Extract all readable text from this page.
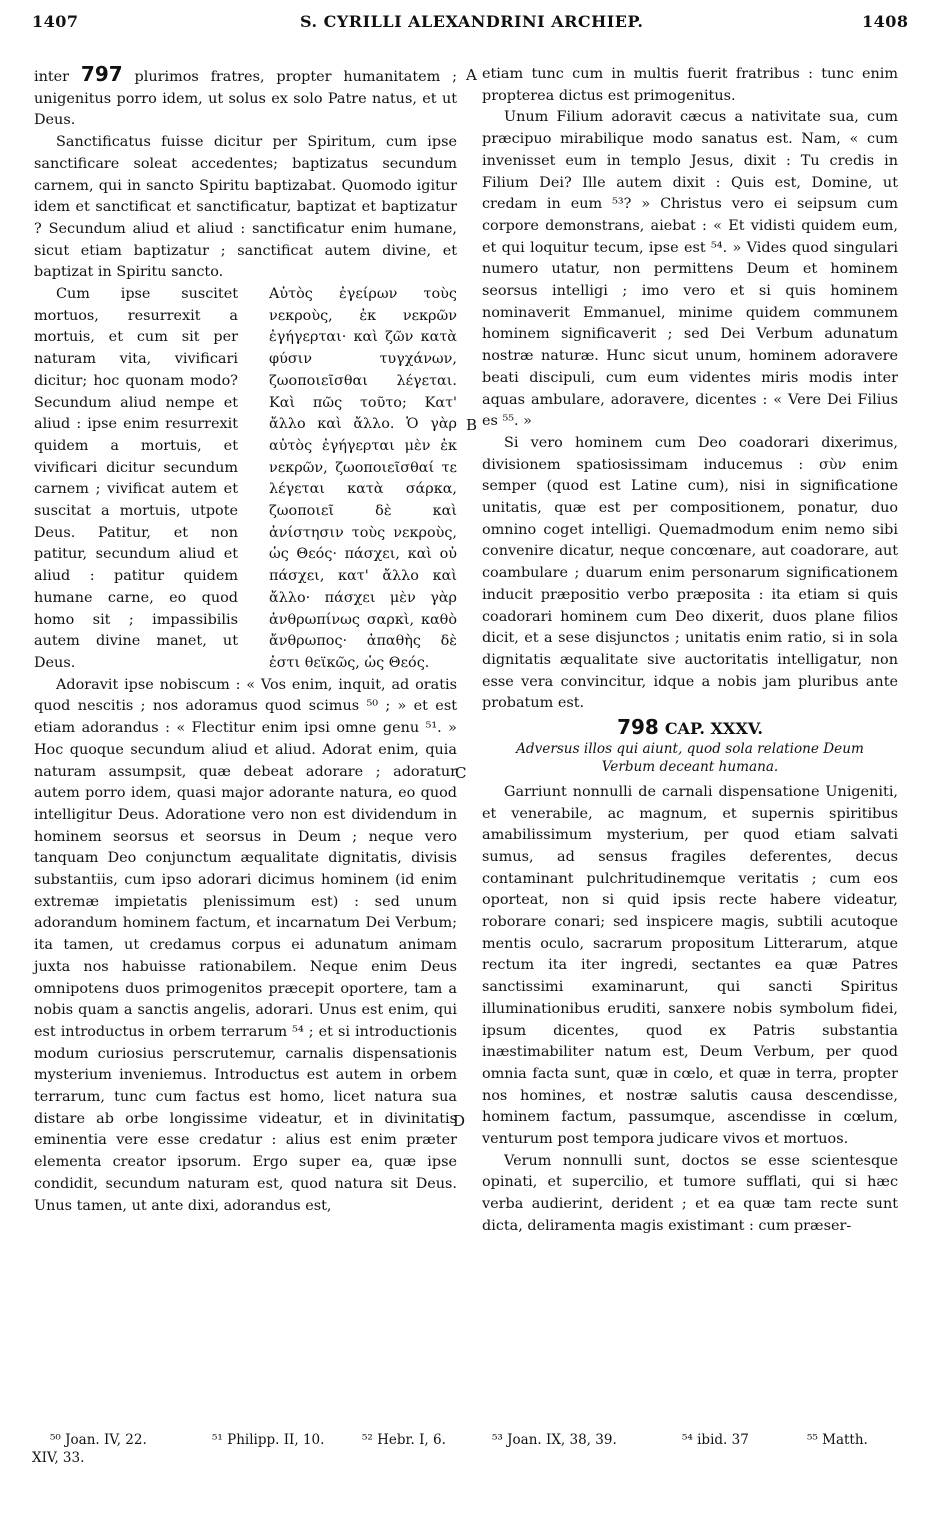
1407	S. CYRILLI ALEXANDRINI ARCHIEP.	1408

inter 797 plurimos fratres, propter humanitatem ; unigenitus porro idem, ut solus ex solo Patre natus, et ut Deus.

Sanctificatus fuisse dicitur per Spiritum, cum ipse sanctificare soleat accedentes; baptizatus secundum carnem, qui in sancto Spiritu baptizabat. Quomodo igitur idem et sanctificat et sanctificatur, baptizat et baptizatur ? Secundum aliud et aliud : sanctificatur enim humane, sicut etiam baptizatur ; sanctificat autem divine, et baptizat in Spiritu sancto.

Cum ipse suscitet mortuos, resurrexit a mortuis, et cum sit per naturam vita, vivificari dicitur; hoc quonam modo? Secundum aliud nempe et aliud : ipse enim resurrexit quidem a mortuis, et vivificari dicitur secundum carnem ; vivificat autem et suscitat a mortuis, utpote Deus. Patitur, et non patitur, secundum aliud et aliud : patitur quidem humane carne, eo quod homo sit ; impassibilis autem divine manet, ut Deus.

Αὐτὸς ἐγείρων τοὺς νεκροὺς, ἐκ νεκρῶν ἐγήγερται· καὶ ζῶν κατὰ φύσιν τυγχάνων, ζωοποιεῖσθαι λέγεται. Καὶ πῶς τοῦτο; Κατ' ἄλλο καὶ ἄλλο. Ὁ γὰρ αὐτὸς ἐγήγερται μὲν ἐκ νεκρῶν, ζωοποιεῖσθαί τε λέγεται κατὰ σάρκα, ζωοποιεῖ δὲ καὶ ἀνίστησιν τοὺς νεκροὺς, ὡς Θεός· πάσχει, καὶ οὐ πάσχει, κατ' ἄλλο καὶ ἄλλο· πάσχει μὲν γὰρ ἀνθρωπίνως σαρκὶ, καθὸ ἄνθρωπος· ἀπαθὴς δὲ ἐστι θεϊκῶς, ὡς Θεός.

Adoravit ipse nobiscum : « Vos enim, inquit, ad oratis quod nescitis ; nos adoramus quod scimus ⁵⁰ ; » et est etiam adorandus : « Flectitur enim ipsi omne genu ⁵¹. » Hoc quoque secundum aliud et aliud. Adorat enim, quia naturam assumpsit, quæ debeat adorare ; adoratur autem porro idem, quasi major adorante natura, eo quod intelligitur Deus. Adoratione vero non est dividendum in hominem seorsus et seorsus in Deum ; neque vero tanquam Deo conjunctum æqualitate dignitatis, divisis substantiis, cum ipso adorari dicimus hominem (id enim extremæ impietatis plenissimum est) : sed unum adorandum hominem factum, et incarnatum Dei Verbum; ita tamen, ut credamus corpus ei adunatum animam juxta nos habuisse rationabilem. Neque enim Deus omnipotens duos primogenitos præcepit oportere, tam a nobis quam a sanctis angelis, adorari. Unus est enim, qui est introductus in orbem terrarum ⁵⁴ ; et si introductionis modum curiosius perscrutemur, carnalis dispensationis mysterium inveniemus. Introductus est autem in orbem terrarum, tunc cum factus est homo, licet natura sua distare ab orbe longissime videatur, et in divinitatis eminentia vere esse credatur : alius est enim præter elementa creator ipsorum. Ergo super ea, quæ ipse condidit, secundum naturam est, quod natura sit Deus. Unus tamen, ut ante dixi, adorandus est,

A
B
C
D

etiam tunc cum in multis fuerit fratribus : tunc enim propterea dictus est primogenitus.

Unum Filium adoravit cæcus a nativitate sua, cum præcipuo mirabilique modo sanatus est. Nam, « cum invenisset eum in templo Jesus, dixit : Tu credis in Filium Dei? Ille autem dixit : Quis est, Domine, ut credam in eum ⁵³? » Christus vero ei seipsum cum corpore demonstrans, aiebat : « Et vidisti quidem eum, et qui loquitur tecum, ipse est ⁵⁴. » Vides quod singulari numero utatur, non permittens Deum et hominem seorsus intelligi ; imo vero et si quis hominem nominaverit Emmanuel, minime quidem communem hominem significaverit ; sed Dei Verbum adunatum nostræ naturæ. Hunc sicut unum, hominem adoravere beati discipuli, cum eum videntes miris modis inter aquas ambulare, adoravere, dicentes : « Vere Dei Filius es ⁵⁵. »

Si vero hominem cum Deo coadorari dixerimus, divisionem spatiosissimam inducemus : σὺν enim semper (quod est Latine cum), nisi in significatione unitatis, quæ est per compositionem, ponatur, duo omnino coget intelligi. Quemadmodum enim nemo sibi convenire dicatur, neque concœnare, aut coadorare, aut coambulare ; duarum enim personarum significationem inducit præpositio verbo præposita : ita etiam si quis coadorari hominem cum Deo dixerit, duos plane filios dicit, et a sese disjunctos ; unitatis enim ratio, si in sola dignitatis æqualitate sive auctoritatis intelligatur, non esse vera convincitur, idque a nobis jam pluribus ante probatum est.

798 CAP. XXXV.
Adversus illos qui aiunt, quod sola relatione Deum Verbum deceant humana.

Garriunt nonnulli de carnali dispensatione Unigeniti, et venerabile, ac magnum, et supernis spiritibus amabilissimum mysterium, per quod etiam salvati sumus, ad sensus fragiles deferentes, decus contaminant pulchritudinemque veritatis ; cum eos oporteat, non si quid ipsis recte habere videatur, roborare conari; sed inspicere magis, subtili acutoque mentis oculo, sacrarum propositum Litterarum, atque rectum ita iter ingredi, sectantes ea quæ Patres sanctissimi examinarunt, qui sancti Spiritus illuminationibus eruditi, sanxere nobis symbolum fidei, ipsum dicentes, quod ex Patris substantia inæstimabiliter natum est, Deum Verbum, per quod omnia facta sunt, quæ in cœlo, et quæ in terra, propter nos homines, et nostræ salutis causa descendisse, hominem factum, passumque, ascendisse in cœlum, venturum post tempora judicare vivos et mortuos.

Verum nonnulli sunt, doctos se esse scientesque opinati, et supercilio, et tumore sufflati, qui si hæc verba audierint, derident ; et ea quæ tam recte sunt dicta, deliramenta magis existimant : cum præser-

⁵⁰ Joan. IV, 22.
XIV, 33.
⁵¹ Philipp. II, 10.	⁵² Hebr. I, 6.	⁵³ Joan. IX, 38, 39.	⁵⁴ ibid. 37	⁵⁵ Matth.
